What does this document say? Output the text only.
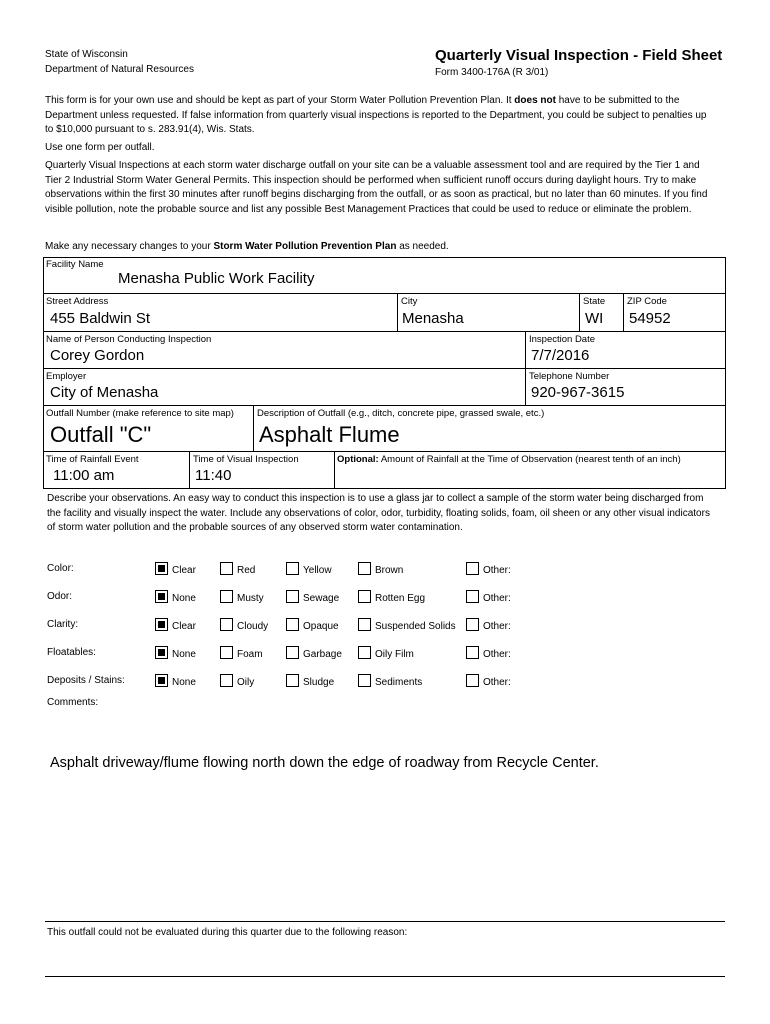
State of Wisconsin
Department of Natural Resources
Quarterly Visual Inspection - Field Sheet
Form 3400-176A (R 3/01)
This form is for your own use and should be kept as part of your Storm Water Pollution Prevention Plan. It does not have to be submitted to the Department unless requested. If false information from quarterly visual inspections is reported to the Department, you could be subject to penalties up to $10,000 pursuant to s. 283.91(4), Wis. Stats.
Use one form per outfall.
Quarterly Visual Inspections at each storm water discharge outfall on your site can be a valuable assessment tool and are required by the Tier 1 and Tier 2 Industrial Storm Water General Permits. This inspection should be performed when sufficient runoff occurs during daylight hours. Try to make observations within the first 30 minutes after runoff begins discharging from the outfall, or as soon as practical, but no later than 60 minutes. If you find visible pollution, note the probable source and list any possible Best Management Practices that could be used to reduce or eliminate the problem.
Make any necessary changes to your Storm Water Pollution Prevention Plan as needed.
Facility Name
Menasha Public Work Facility
Street Address
455 Baldwin St
City
Menasha
State
WI
ZIP Code
54952
Name of Person Conducting Inspection
Corey Gordon
Inspection Date
7/7/2016
Employer
City of Menasha
Telephone Number
920-967-3615
Outfall Number (make reference to site map)
Outfall "C"
Description of Outfall (e.g., ditch, concrete pipe, grassed swale, etc.)
Asphalt Flume
Time of Rainfall Event
11:00 am
Time of Visual Inspection
11:40
Optional: Amount of Rainfall at the Time of Observation (nearest tenth of an inch)
Describe your observations. An easy way to conduct this inspection is to use a glass jar to collect a sample of the storm water being discharged from the facility and visually inspect the water. Include any observations of color, odor, turbidity, floating solids, foam, oil sheen or any other visual indicators of storm water pollution and the probable sources of any observed storm water contamination.
Color:	Clear	Red	Yellow	Brown	Other:
Odor:	None	Musty	Sewage	Rotten Egg	Other:
Clarity:	Clear	Cloudy	Opaque	Suspended Solids	Other:
Floatables:	None	Foam	Garbage	Oily Film	Other:
Deposits / Stains:	None	Oily	Sludge	Sediments	Other:
Comments:
Asphalt driveway/flume flowing north down the edge of roadway from Recycle Center.
This outfall could not be evaluated during this quarter due to the following reason:
